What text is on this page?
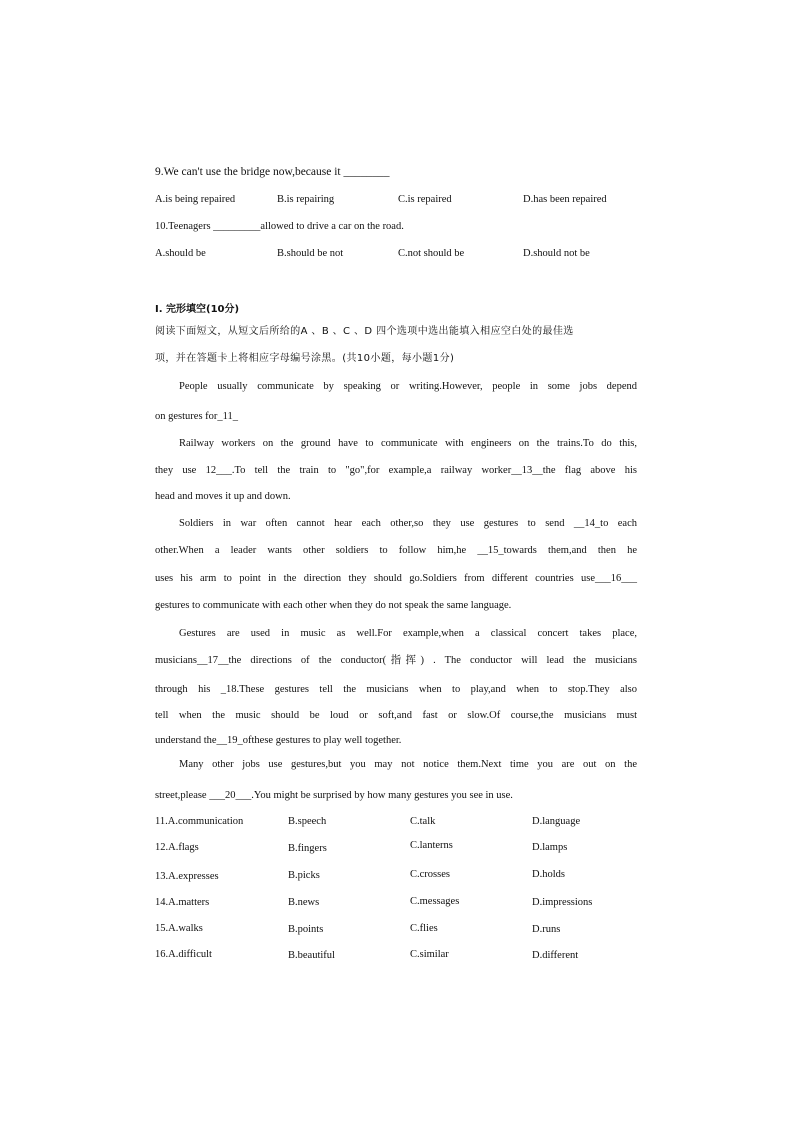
9.We can't use the bridge now,because it ________
A.is being repaired	B.is repairing	C.is repaired	D.has been repaired
10.Teenagers _________allowed to drive a car on the road.
A.should be	B.should be not	C.not should be	D.should not be
Ⅰ. 完形填空(10分)
阅读下面短文，从短文后所给的A 、B 、C 、D 四个选项中选出能填入相应空白处的最佳选
项，并在答题卡上将相应字母编号涂黑。(共10小题，每小题1分)
People usually communicate by speaking or writing.However, people in some jobs depend
on gestures for_11_
Railway workers on the ground have to communicate with engineers on the trains.To do this,
they use 12___.To tell the train to "go",for example,a railway worker__13__the flag above his
head and moves it up and down.
Soldiers in war often cannot hear each other,so they use gestures to send __14_to each
other.When a leader wants other soldiers to follow him,he __15_towards them,and then he
uses his arm to point in the direction they should go.Soldiers from different countries use___16___
gestures to communicate with each other when they do not speak the same language.
Gestures are used in music as well.For example,when a classical concert takes place,
musicians__17__the directions of the conductor(指挥) . The conductor will lead the musicians
through his _18.These gestures tell the musicians when to play,and when to stop.They also
tell when the music should be loud or soft,and fast or slow.Of course,the musicians must
understand the__19_ofthese gestures to play well together.
Many other jobs use gestures,but you may not notice them.Next time you are out on the
street,please ___20___.You might be surprised by how many gestures you see in use.
11.A.communication	B.speech	C.talk	D.language
12.A.flags	B.fingers	C.lanterns	D.lamps
13.A.expresses	B.picks	C.crosses	D.holds
14.A.matters	B.news	C.messages	D.impressions
15.A.walks	B.points	C.flies	D.runs
16.A.difficult	B.beautiful	C.similar	D.different
